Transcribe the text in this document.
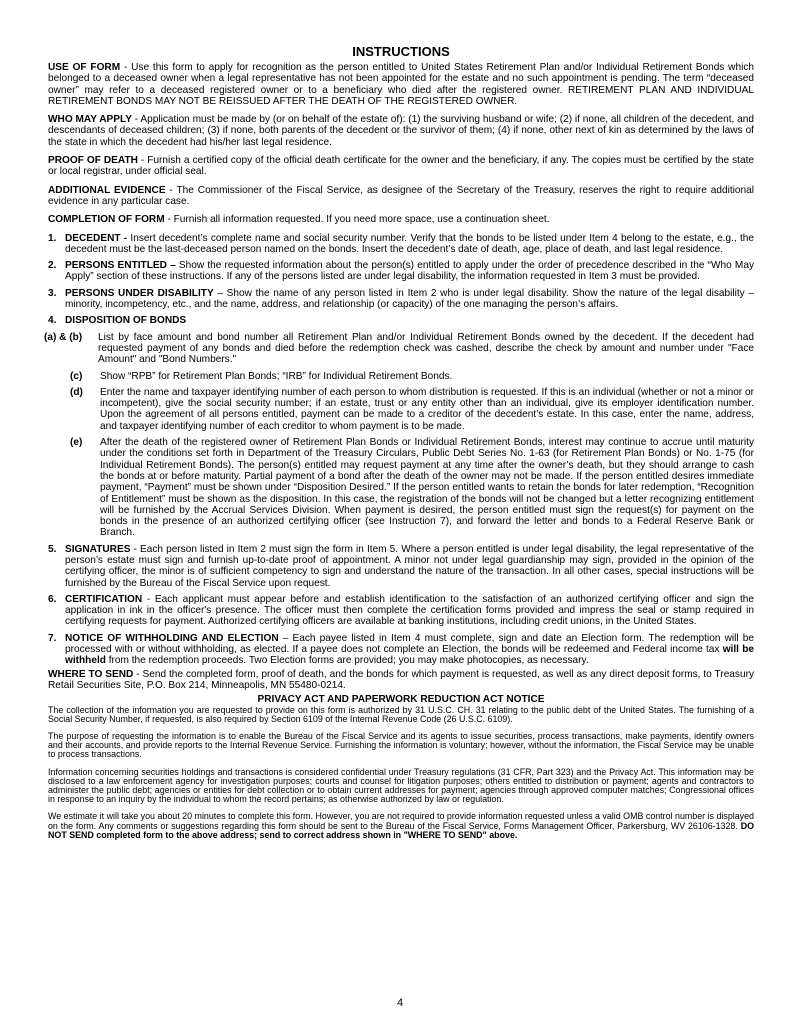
INSTRUCTIONS

USE OF FORM - Use this form to apply for recognition as the person entitled to United States Retirement Plan and/or Individual Retirement Bonds which belonged to a deceased owner when a legal representative has not been appointed for the estate and no such appointment is pending. The term “deceased owner” may refer to a deceased registered owner or to a beneficiary who died after the registered owner. RETIREMENT PLAN AND INDIVIDUAL RETIREMENT BONDS MAY NOT BE REISSUED AFTER THE DEATH OF THE REGISTERED OWNER.

WHO MAY APPLY - Application must be made by (or on behalf of the estate of): (1) the surviving husband or wife; (2) if none, all children of the decedent, and descendants of deceased children; (3) if none, both parents of the decedent or the survivor of them; (4) if none, other next of kin as determined by the laws of the state in which the decedent had his/her last legal residence.

PROOF OF DEATH - Furnish a certified copy of the official death certificate for the owner and the beneficiary, if any. The copies must be certified by the state or local registrar, under official seal.

ADDITIONAL EVIDENCE - The Commissioner of the Fiscal Service, as designee of the Secretary of the Treasury, reserves the right to require additional evidence in any particular case.

COMPLETION OF FORM - Furnish all information requested. If you need more space, use a continuation sheet.

1. DECEDENT - Insert decedent’s complete name and social security number. Verify that the bonds to be listed under Item 4 belong to the estate, e.g., the decedent must be the last-deceased person named on the bonds. Insert the decedent’s date of death, age, place of death, and last legal residence.
2. PERSONS ENTITLED – Show the requested information about the person(s) entitled to apply under the order of precedence described in the “Who May Apply” section of these instructions. If any of the persons listed are under legal disability, the information requested in Item 3 must be provided.
3. PERSONS UNDER DISABILITY – Show the name of any person listed in Item 2 who is under legal disability. Show the nature of the legal disability – minority, incompetency, etc., and the name, address, and relationship (or capacity) of the one managing the person’s affairs.
4. DISPOSITION OF BONDS
(a) & (b) List by face amount and bond number all Retirement Plan and/or Individual Retirement Bonds owned by the decedent. If the decedent had requested payment of any bonds and died before the redemption check was cashed, describe the check by amount and number under "Face Amount" and "Bond Numbers."
(c) Show “RPB” for Retirement Plan Bonds; “IRB” for Individual Retirement Bonds.
(d) Enter the name and taxpayer identifying number of each person to whom distribution is requested. If this is an individual (whether or not a minor or incompetent), give the social security number; if an estate, trust or any entity other than an individual, give its employer identification number. Upon the agreement of all persons entitled, payment can be made to a creditor of the decedent’s estate. In this case, enter the name, address, and taxpayer identifying number of each creditor to whom payment is to be made.
(e) After the death of the registered owner of Retirement Plan Bonds or Individual Retirement Bonds, interest may continue to accrue until maturity under the conditions set forth in Department of the Treasury Circulars, Public Debt Series No. 1-63 (for Retirement Plan Bonds) or No. 1-75 (for Individual Retirement Bonds). The person(s) entitled may request payment at any time after the owner’s death, but they should arrange to cash the bonds at or before maturity. Partial payment of a bond after the death of the owner may not be made. If the person entitled desires immediate payment, “Payment” must be shown under “Disposition Desired.” If the person entitled wants to retain the bonds for later redemption, “Recognition of Entitlement” must be shown as the disposition. In this case, the registration of the bonds will not be changed but a letter recognizing entitlement will be furnished by the Accrual Services Division. When payment is desired, the person entitled must sign the request(s) for payment on the bonds in the presence of an authorized certifying officer (see Instruction 7), and forward the letter and bonds to a Federal Reserve Bank or Branch.
5. SIGNATURES - Each person listed in Item 2 must sign the form in Item 5. Where a person entitled is under legal disability, the legal representative of the person’s estate must sign and furnish up-to-date proof of appointment. A minor not under legal guardianship may sign, provided in the opinion of the certifying officer, the minor is of sufficient competency to sign and understand the nature of the transaction. In all other cases, special instructions will be furnished by the Bureau of the Fiscal Service upon request.
6. CERTIFICATION - Each applicant must appear before and establish identification to the satisfaction of an authorized certifying officer and sign the application in ink in the officer's presence. The officer must then complete the certification forms provided and impress the seal or stamp required in certifying requests for payment. Authorized certifying officers are available at banking institutions, including credit unions, in the United States.
7. NOTICE OF WITHHOLDING AND ELECTION – Each payee listed in Item 4 must complete, sign and date an Election form. The redemption will be processed with or without withholding, as elected. If a payee does not complete an Election, the bonds will be redeemed and Federal income tax will be withheld from the redemption proceeds. Two Election forms are provided; you may make photocopies, as necessary.

WHERE TO SEND - Send the completed form, proof of death, and the bonds for which payment is requested, as well as any direct deposit forms, to Treasury Retail Securities Site, P.O. Box 214, Minneapolis, MN 55480-0214.

PRIVACY ACT AND PAPERWORK REDUCTION ACT NOTICE

The collection of the information you are requested to provide on this form is authorized by 31 U.S.C. CH. 31 relating to the public debt of the United States. The furnishing of a Social Security Number, if requested, is also required by Section 6109 of the Internal Revenue Code (26 U.S.C. 6109).

The purpose of requesting the information is to enable the Bureau of the Fiscal Service and its agents to issue securities, process transactions, make payments, identify owners and their accounts, and provide reports to the Internal Revenue Service. Furnishing the information is voluntary; however, without the information, the Fiscal Service may be unable to process transactions.

Information concerning securities holdings and transactions is considered confidential under Treasury regulations (31 CFR, Part 323) and the Privacy Act. This information may be disclosed to a law enforcement agency for investigation purposes; courts and counsel for litigation purposes; others entitled to distribution or payment; agents and contractors to administer the public debt; agencies or entities for debt collection or to obtain current addresses for payment; agencies through approved computer matches; Congressional offices in response to an inquiry by the individual to whom the record pertains; as otherwise authorized by law or regulation.

We estimate it will take you about 20 minutes to complete this form. However, you are not required to provide information requested unless a valid OMB control number is displayed on the form. Any comments or suggestions regarding this form should be sent to the Bureau of the Fiscal Service, Forms Management Officer, Parkersburg, WV 26106-1328. DO NOT SEND completed form to the above address; send to correct address shown in "WHERE TO SEND" above.

4
